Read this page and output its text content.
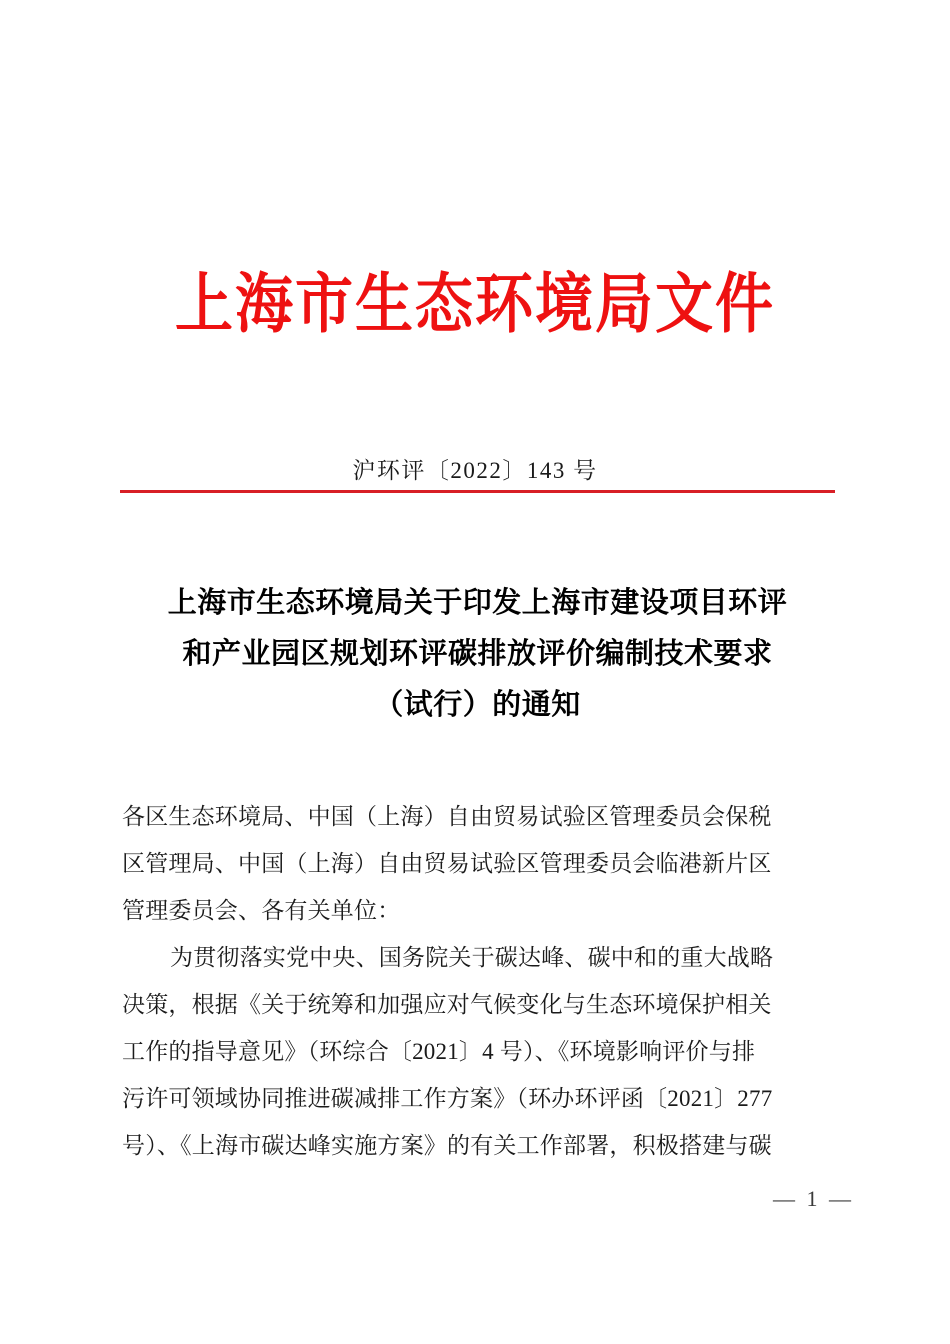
上海市生态环境局文件
沪环评〔2022〕143 号
上海市生态环境局关于印发上海市建设项目环评
和产业园区规划环评碳排放评价编制技术要求
（试行）的通知
各区生态环境局、中国（上海）自由贸易试验区管理委员会保税
区管理局、中国（上海）自由贸易试验区管理委员会临港新片区
管理委员会、各有关单位：
为贯彻落实党中央、国务院关于碳达峰、碳中和的重大战略
决策，根据《关于统筹和加强应对气候变化与生态环境保护相关
工作的指导意见》（环综合〔2021〕4 号）、《环境影响评价与排
污许可领域协同推进碳减排工作方案》（环办环评函〔2021〕277
号）、《上海市碳达峰实施方案》的有关工作部署，积极搭建与碳
— 1 —
